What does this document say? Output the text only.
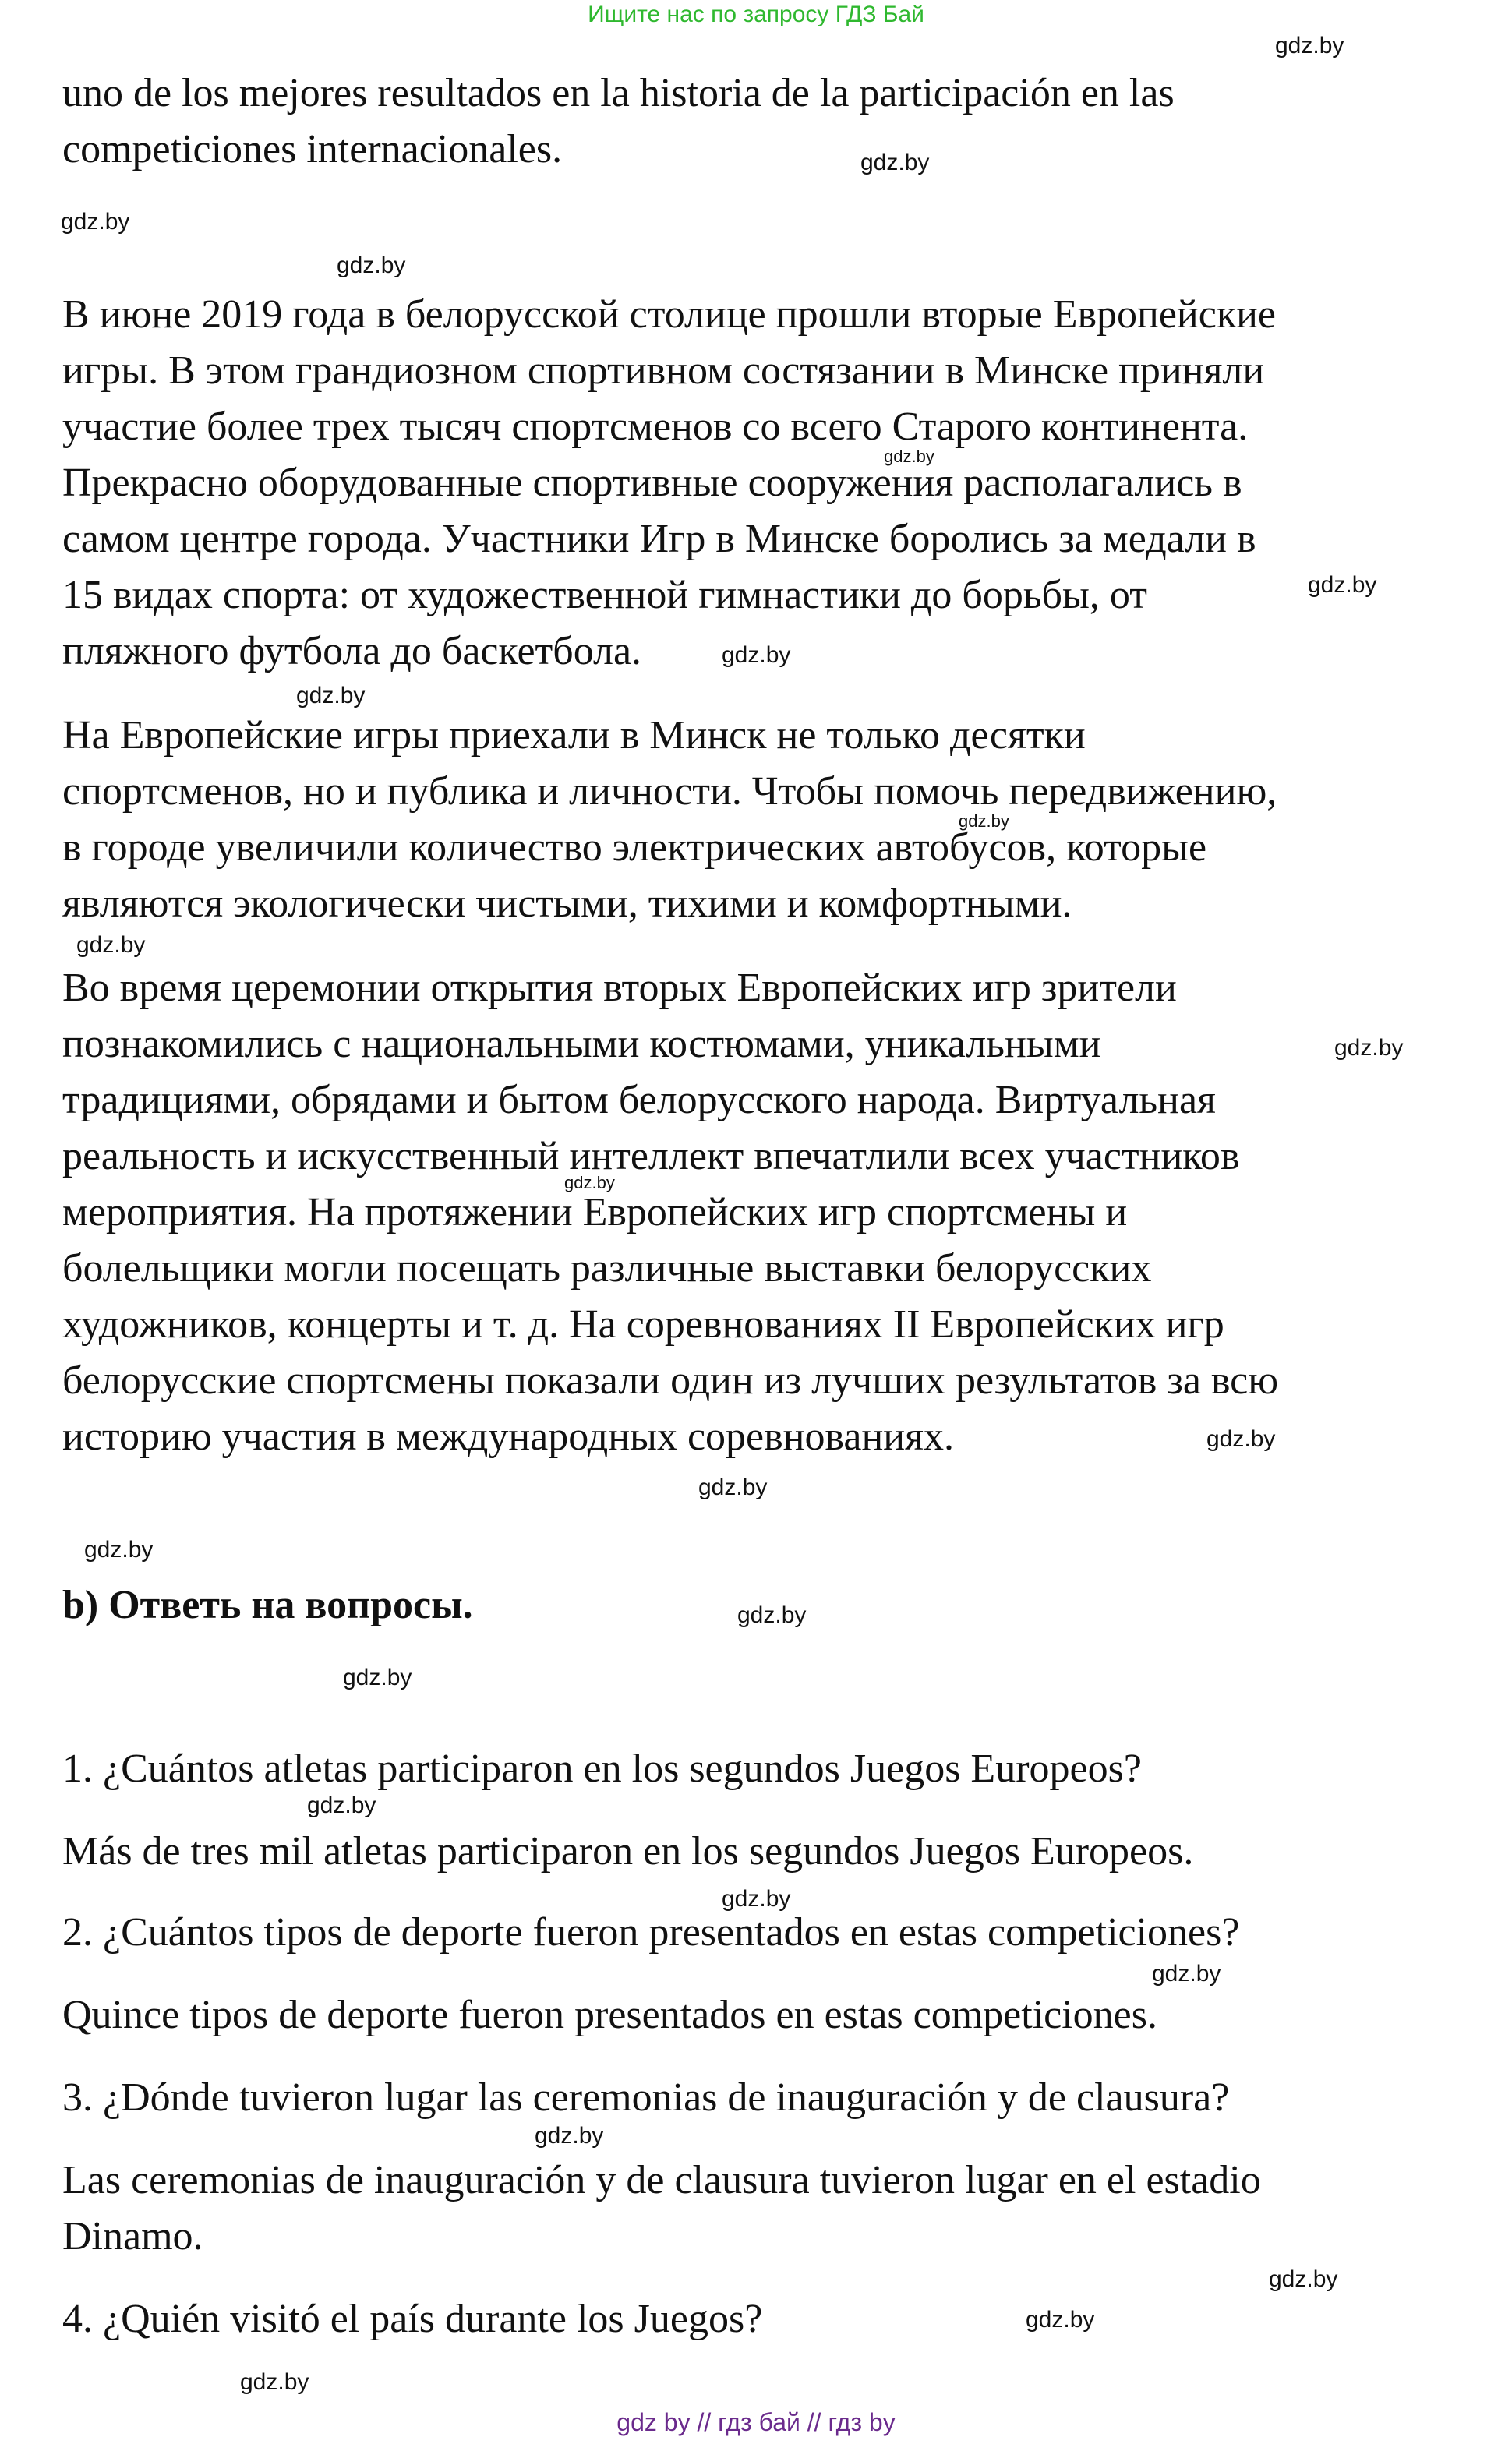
Ищите нас по запросу ГДЗ Бай
uno de los mejores resultados en la historia de la participación en las
competiciones internacionales.
В июне 2019 года в белорусской столице прошли вторые Европейские
игры. В этом грандиозном спортивном состязании в Минске приняли
участие более трех тысяч спортсменов со всего Старого континента.
Прекрасно оборудованные спортивные сооружения располагались в
самом центре города. Участники Игр в Минске боролись за медали в
15 видах спорта: от художественной гимнастики до борьбы, от
пляжного футбола до баскетбола.
На Европейские игры приехали в Минск не только десятки
спортсменов, но и публика и личности. Чтобы помочь передвижению,
в городе увеличили количество электрических автобусов, которые
являются экологически чистыми, тихими и комфортными.
Во время церемонии открытия вторых Европейских игр зрители
познакомились с национальными костюмами, уникальными
традициями, обрядами и бытом белорусского народа. Виртуальная
реальность и искусственный интеллект впечатлили всех участников
мероприятия. На протяжении Европейских игр спортсмены и
болельщики могли посещать различные выставки белорусских
художников, концерты и т. д. На соревнованиях II Европейских игр
белорусские спортсмены показали один из лучших результатов за всю
историю участия в международных соревнованиях.
b) Ответь на вопросы.
1. ¿Cuántos atletas participaron en los segundos Juegos Europeos?
Más de tres mil atletas participaron en los segundos Juegos Europeos.
2. ¿Cuántos tipos de deporte fueron presentados en estas competiciones?
Quince tipos de deporte fueron presentados en estas competiciones.
3. ¿Dónde tuvieron lugar las ceremonias de inauguración y de clausura?
Las ceremonias de inauguración y de clausura tuvieron lugar en el estadio
Dinamo.
4. ¿Quién visitó el país durante los Juegos?
gdz.by
gdz.by
gdz.by
gdz.by
gdz.by
gdz.by
gdz.by
gdz.by
gdz.by
gdz.by
gdz.by
gdz.by
gdz.by
gdz.by
gdz.by
gdz.by
gdz.by
gdz.by
gdz.by
gdz.by
gdz.by
gdz.by
gdz.by
gdz.by
gdz by // гдз бай // гдз by
